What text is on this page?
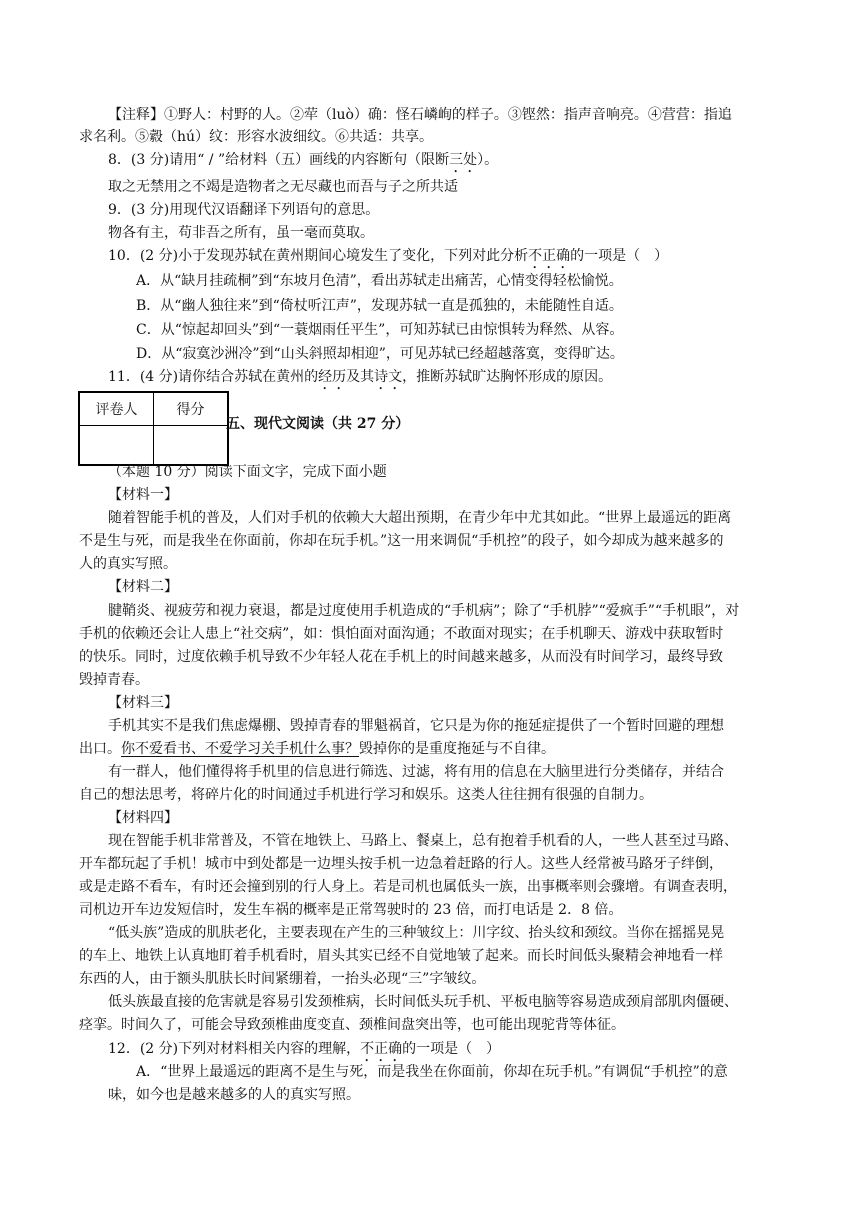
【注释】①野人：村野的人。②荦（luò）确：怪石嶙峋的样子。③铿然：指声音响亮。④营营：指追
求名利。⑤縠（hú）纹：形容水波细纹。⑥共适：共享。
8．(3 分)请用“ / ”给材料（五）画线的内容断句（限断三处）。
取之无禁用之不竭是造物者之无尽藏也而吾与子之所共适
9．(3 分)用现代汉语翻译下列语句的意思。
物各有主，苟非吾之所有，虽一毫而莫取。
10．(2 分)小于发现苏轼在黄州期间心境发生了变化，下列对此分析不正确的一项是（　）
A．从“缺月挂疏桐”到“东坡月色清”，看出苏轼走出痛苦，心情变得轻松愉悦。
B．从“幽人独往来”到“倚杖听江声”，发现苏轼一直是孤独的，未能随性自适。
C．从“惊起却回头”到“一蓑烟雨任平生”，可知苏轼已由惊惧转为释然、从容。
D．从“寂寞沙洲冷”到“山头斜照却相迎”，可见苏轼已经超越落寞，变得旷达。
11．(4 分)请你结合苏轼在黄州的经历及其诗文，推断苏轼旷达胸怀形成的原因。
评卷人	得分

五、现代文阅读（共 27 分）
（本题 10 分）阅读下面文字，完成下面小题
【材料一】
随着智能手机的普及，人们对手机的依赖大大超出预期，在青少年中尤其如此。“世界上最遥远的距离
不是生与死，而是我坐在你面前，你却在玩手机。”这一用来调侃“手机控”的段子，如今却成为越来越多的
人的真实写照。
【材料二】
腱鞘炎、视疲劳和视力衰退，都是过度使用手机造成的“手机病”；除了“手机脖”“爱疯手”“手机眼”，对
手机的依赖还会让人患上“社交病”，如：惧怕面对面沟通；不敢面对现实；在手机聊天、游戏中获取暂时
的快乐。同时，过度依赖手机导致不少年轻人花在手机上的时间越来越多，从而没有时间学习，最终导致
毁掉青春。
【材料三】
手机其实不是我们焦虑爆棚、毁掉青春的罪魁祸首，它只是为你的拖延症提供了一个暂时回避的理想
出口。你不爱看书、不爱学习关手机什么事？毁掉你的是重度拖延与不自律。
有一群人，他们懂得将手机里的信息进行筛选、过滤，将有用的信息在大脑里进行分类储存，并结合
自己的想法思考，将碎片化的时间通过手机进行学习和娱乐。这类人往往拥有很强的自制力。
【材料四】
现在智能手机非常普及，不管在地铁上、马路上、餐桌上，总有抱着手机看的人，一些人甚至过马路、
开车都玩起了手机！城市中到处都是一边埋头按手机一边急着赶路的行人。这些人经常被马路牙子绊倒，
或是走路不看车，有时还会撞到别的行人身上。若是司机也属低头一族，出事概率则会骤增。有调查表明，
司机边开车边发短信时，发生车祸的概率是正常驾驶时的 23 倍，而打电话是 2．8 倍。
“低头族”造成的肌肤老化，主要表现在产生的三种皱纹上：川字纹、抬头纹和颈纹。当你在摇摇晃晃
的车上、地铁上认真地盯着手机看时，眉头其实已经不自觉地皱了起来。而长时间低头聚精会神地看一样
东西的人，由于额头肌肤长时间紧绷着，一抬头必现“三”字皱纹。
低头族最直接的危害就是容易引发颈椎病，长时间低头玩手机、平板电脑等容易造成颈肩部肌肉僵硬、
痉挛。时间久了，可能会导致颈椎曲度变直、颈椎间盘突出等，也可能出现驼背等体征。
12．(2 分)下列对材料相关内容的理解，不正确的一项是（　）
A．“世界上最遥远的距离不是生与死，而是我坐在你面前，你却在玩手机。”有调侃“手机控”的意
味，如今也是越来越多的人的真实写照。
